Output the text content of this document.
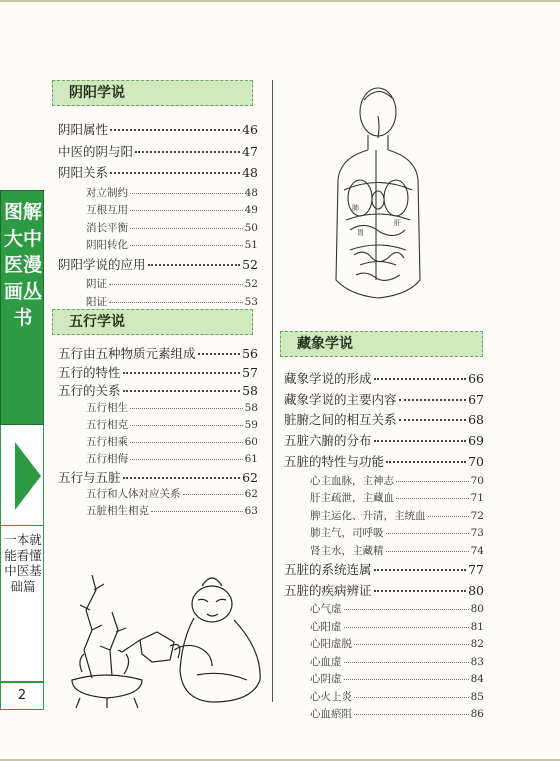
图解大中医漫画丛书
一本就能看懂中医基础篇
2
阴阳学说
五行学说
藏象学说
阴阳属性	46
中医的阴与阳	47
阴阳关系	48
对立制约	48
互根互用	49
消长平衡	50
阴阳转化	51
阴阳学说的应用	52
阴证	52
阳证	53
五行由五种物质元素组成	56
五行的特性	57
五行的关系	58
五行相生	58
五行相克	59
五行相乘	60
五行相侮	61
五行与五脏	62
五行和人体对应关系	62
五脏相生相克	63
藏象学说的形成	66
藏象学说的主要内容	67
脏腑之间的相互关系	68
五脏六腑的分布	69
五脏的特性与功能	70
心主血脉，主神志	70
肝主疏泄，主藏血	71
脾主运化、升清，主统血	72
肺主气，司呼吸	73
肾主水，主藏精	74
五脏的系统连属	77
五脏的疾病辨证	80
心气虚	80
心阳虚	81
心阳虚脱	82
心血虚	83
心阴虚	84
心火上炎	85
心血瘀阻	86
胃
肝
肺
